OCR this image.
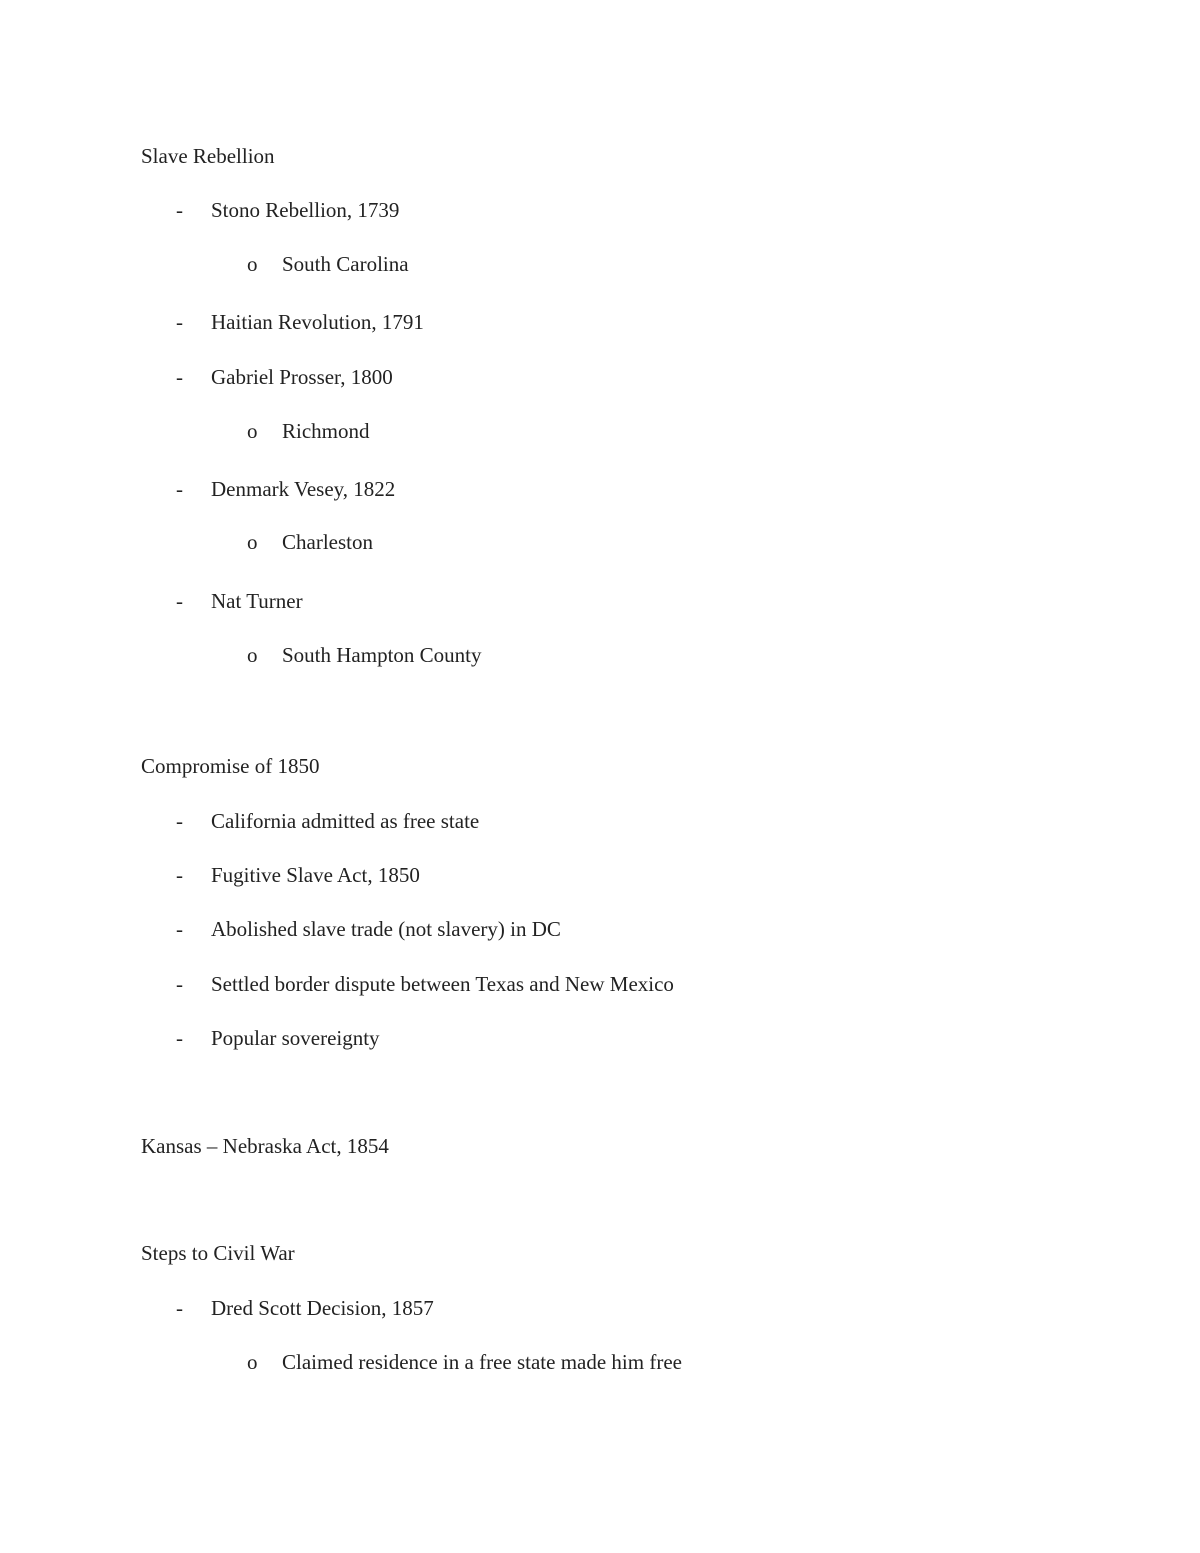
Slave Rebellion
- Stono Rebellion, 1739
o South Carolina
- Haitian Revolution, 1791
- Gabriel Prosser, 1800
o Richmond
- Denmark Vesey, 1822
o Charleston
- Nat Turner
o South Hampton County
Compromise of 1850
- California admitted as free state
- Fugitive Slave Act, 1850
- Abolished slave trade (not slavery) in DC
- Settled border dispute between Texas and New Mexico
- Popular sovereignty
Kansas – Nebraska Act, 1854
Steps to Civil War
- Dred Scott Decision, 1857
o Claimed residence in a free state made him free
